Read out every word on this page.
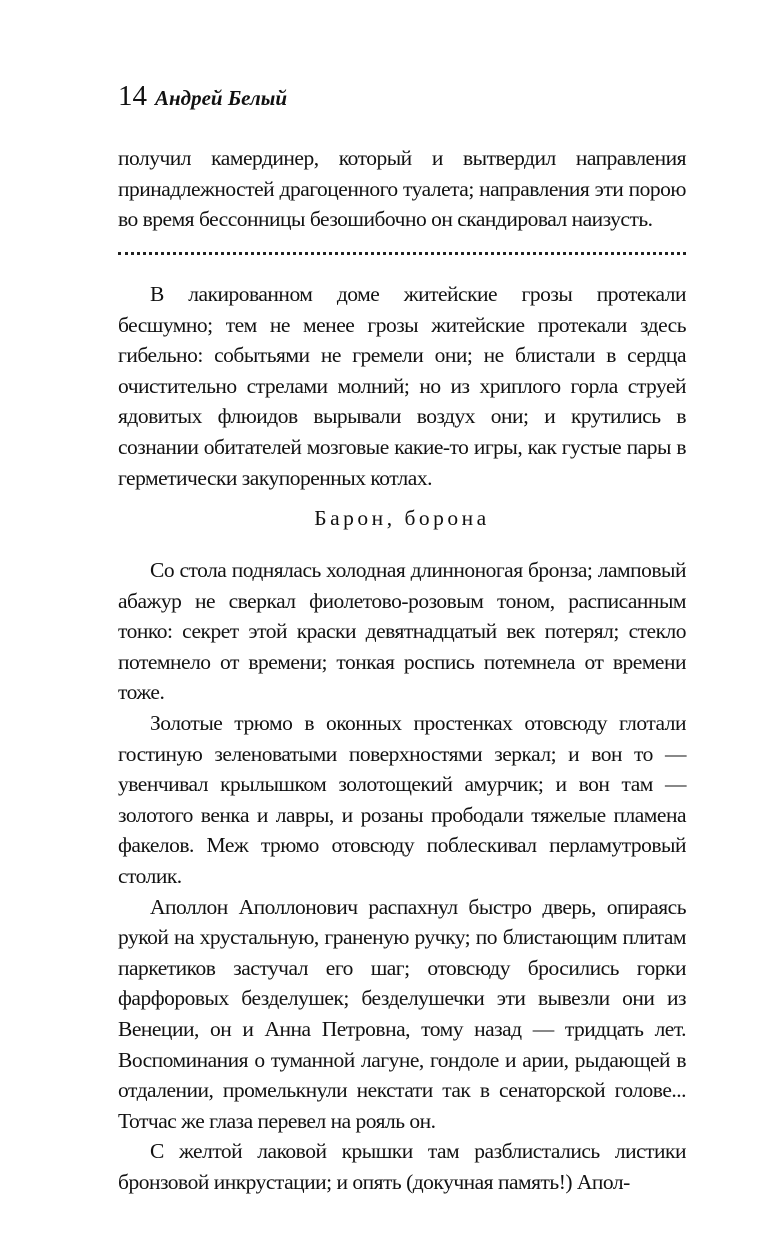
14 Андрей Белый

получил камердинер, который и вытвердил направления принадлежностей драгоценного туалета; направления эти порою во время бессонницы безошибочно он скандировал наизусть.

В лакированном доме житейские грозы протекали бесшумно; тем не менее грозы житейские протекали здесь гибельно: событьями не гремели они; не блистали в сердца очистительно стрелами молний; но из хриплого горла струей ядовитых флюидов вырывали воздух они; и крутились в сознании обитателей мозговые какие-то игры, как густые пары в герметически закупоренных котлах.

Барон, борона

Со стола поднялась холодная длинноногая бронза; ламповый абажур не сверкал фиолетово-розовым тоном, расписанным тонко: секрет этой краски девятнадцатый век потерял; стекло потемнело от времени; тонкая роспись потемнела от времени тоже.

Золотые трюмо в оконных простенках отовсюду глотали гостиную зеленоватыми поверхностями зеркал; и вон то — увенчивал крылышком золотощекий амурчик; и вон там — золотого венка и лавры, и розаны прободали тяжелые пламена факелов. Меж трюмо отовсюду поблескивал перламутровый столик.

Аполлон Аполлонович распахнул быстро дверь, опираясь рукой на хрустальную, граненую ручку; по блистающим плитам паркетиков застучал его шаг; отовсюду бросились горки фарфоровых безделушек; безделушечки эти вывезли они из Венеции, он и Анна Петровна, тому назад — тридцать лет. Воспоминания о туманной лагуне, гондоле и арии, рыдающей в отдалении, промелькнули некстати так в сенаторской голове... Тотчас же глаза перевел на рояль он.

С желтой лаковой крышки там разблистались листики бронзовой инкрустации; и опять (докучная память!) Апол-
